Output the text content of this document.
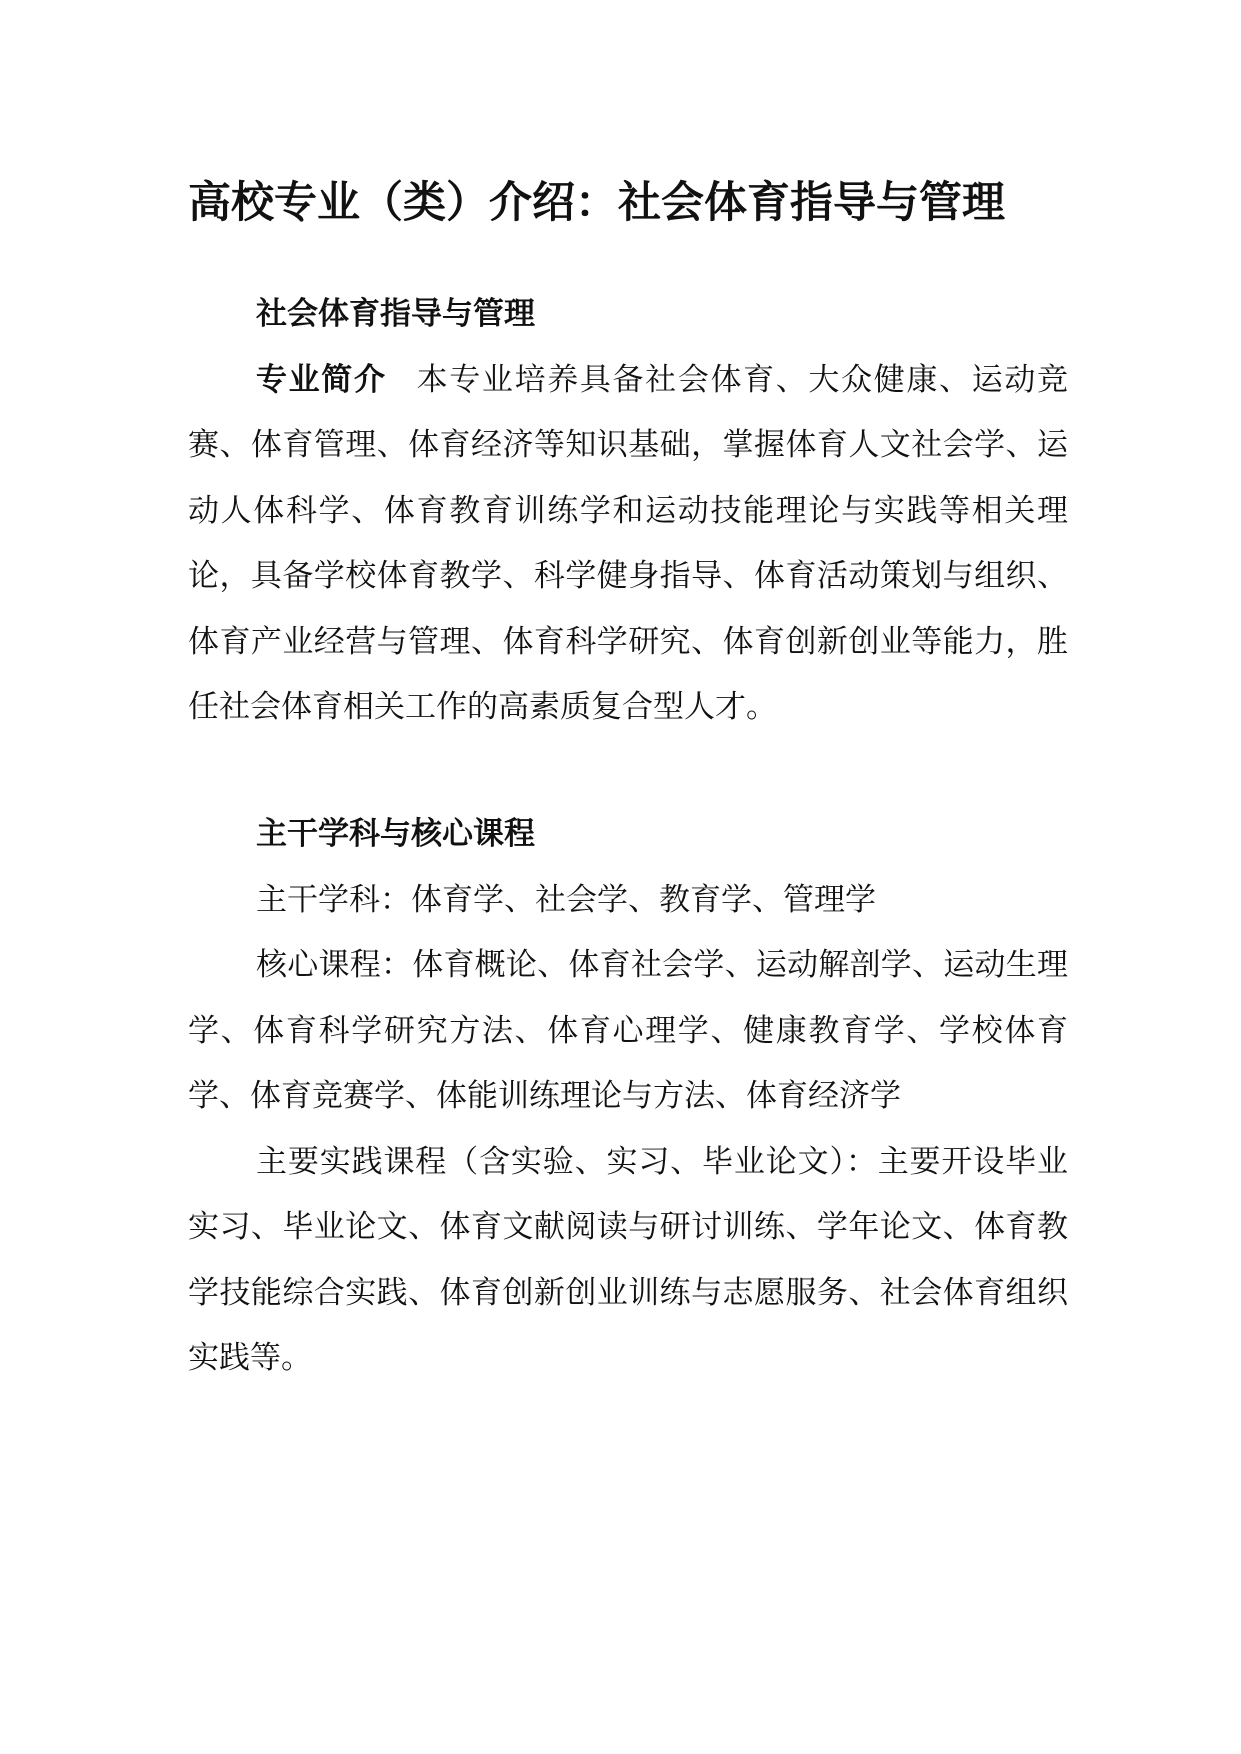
高校专业（类）介绍：社会体育指导与管理
社会体育指导与管理
专业简介 本专业培养具备社会体育、大众健康、运动竞赛、体育管理、体育经济等知识基础，掌握体育人文社会学、运动人体科学、体育教育训练学和运动技能理论与实践等相关理论，具备学校体育教学、科学健身指导、体育活动策划与组织、体育产业经营与管理、体育科学研究、体育创新创业等能力，胜任社会体育相关工作的高素质复合型人才。
主干学科与核心课程
主干学科：体育学、社会学、教育学、管理学
核心课程：体育概论、体育社会学、运动解剖学、运动生理学、体育科学研究方法、体育心理学、健康教育学、学校体育学、体育竞赛学、体能训练理论与方法、体育经济学
主要实践课程（含实验、实习、毕业论文）：主要开设毕业实习、毕业论文、体育文献阅读与研讨训练、学年论文、体育教学技能综合实践、体育创新创业训练与志愿服务、社会体育组织实践等。
